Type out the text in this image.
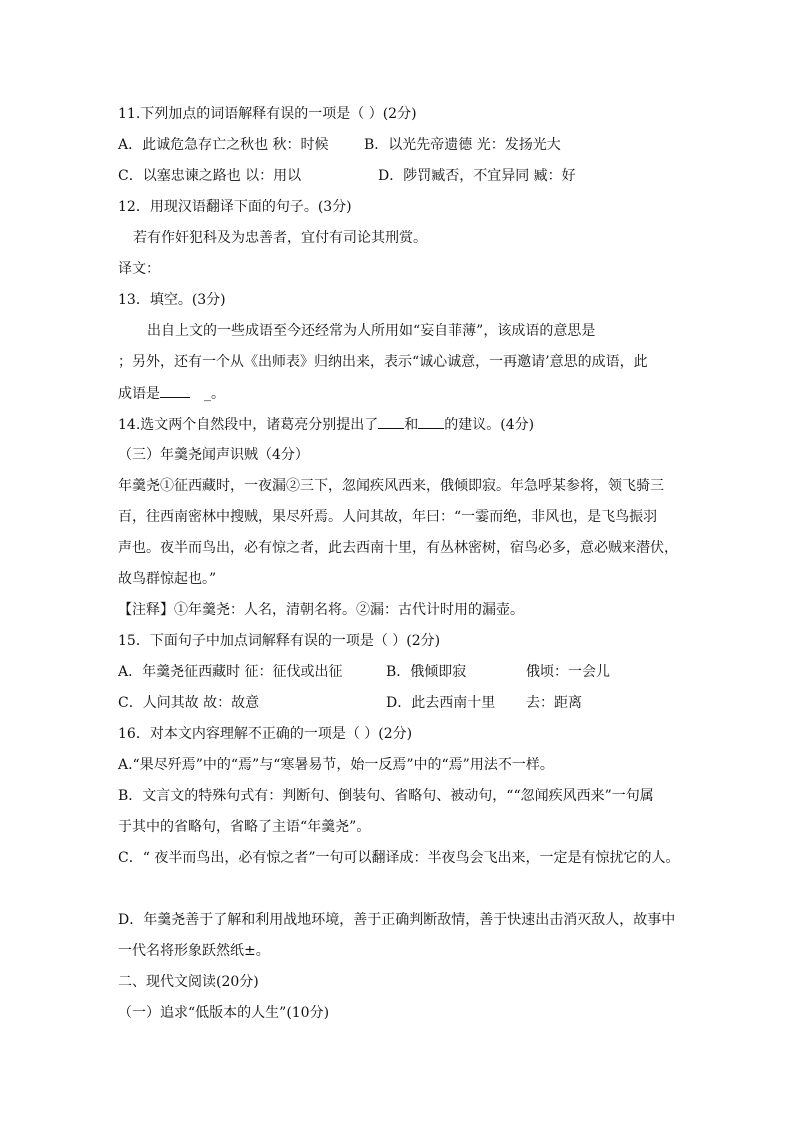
11.下列加点的词语解释有误的一项是（ ）(2分)
A．此诚危急存亡之秋也 秋：时候	B．以光先帝遗德 光：发扬光大
C．以塞忠谏之路也 以：用以	D．陟罚臧否，不宜异同 臧：好
12．用现汉语翻译下面的句子。(3分)
若有作奸犯科及为忠善者，宜付有司论其刑赏。
译文：
13．填空。(3分)
出自上文的一些成语至今还经常为人所用如“妄自菲薄”，该成语的意思是
；另外，还有一个从《出师表》归纳出来，表示“诚心诚意，一再邀请’意思的成语，此
成语是	_。
14.选文两个自然段中，诸葛亮分别提出了 和 的建议。(4分)
（三）年羹尧闻声识贼（4分）
年羹尧①征西藏时，一夜漏②三下，忽闻疾风西来，俄倾即寂。年急呼某参将，领飞骑三
百，往西南密林中搜贼，果尽歼焉。人问其故，年曰：“一霎而绝，非风也，是飞鸟振羽
声也。夜半而鸟出，必有惊之者，此去西南十里，有丛林密树，宿鸟必多，意必贼来潜伏，
故鸟群惊起也。”
【注释】①年羹尧：人名，清朝名将。②漏：古代计时用的漏壶。
15．下面句子中加点词解释有误的一项是（ ）(2分)
A．年羹尧征西藏时 征：征伐或出征	B．俄倾即寂	俄顷：一会儿
C．人问其故 故：故意	D．此去西南十里 去：距离
16．对本文内容理解不正确的一项是（ ）(2分)
A.“果尽歼焉”中的“焉”与“寒暑易节，始一反焉”中的“焉”用法不一样。
B．文言文的特殊句式有：判断句、倒装句、省略句、被动句，““忽闻疾风西来”一句属
于其中的省略句，省略了主语“年羹尧”。
C．“ 夜半而鸟出，必有惊之者”一句可以翻译成：半夜鸟会飞出来，一定是有惊扰它的人。
D．年羹尧善于了解和利用战地环境，善于正确判断敌情，善于快速出击消灭敌人，故事中
一代名将形象跃然纸±。
二、现代文阅读(20分)
（一）追求“低版本的人生”(10分)
